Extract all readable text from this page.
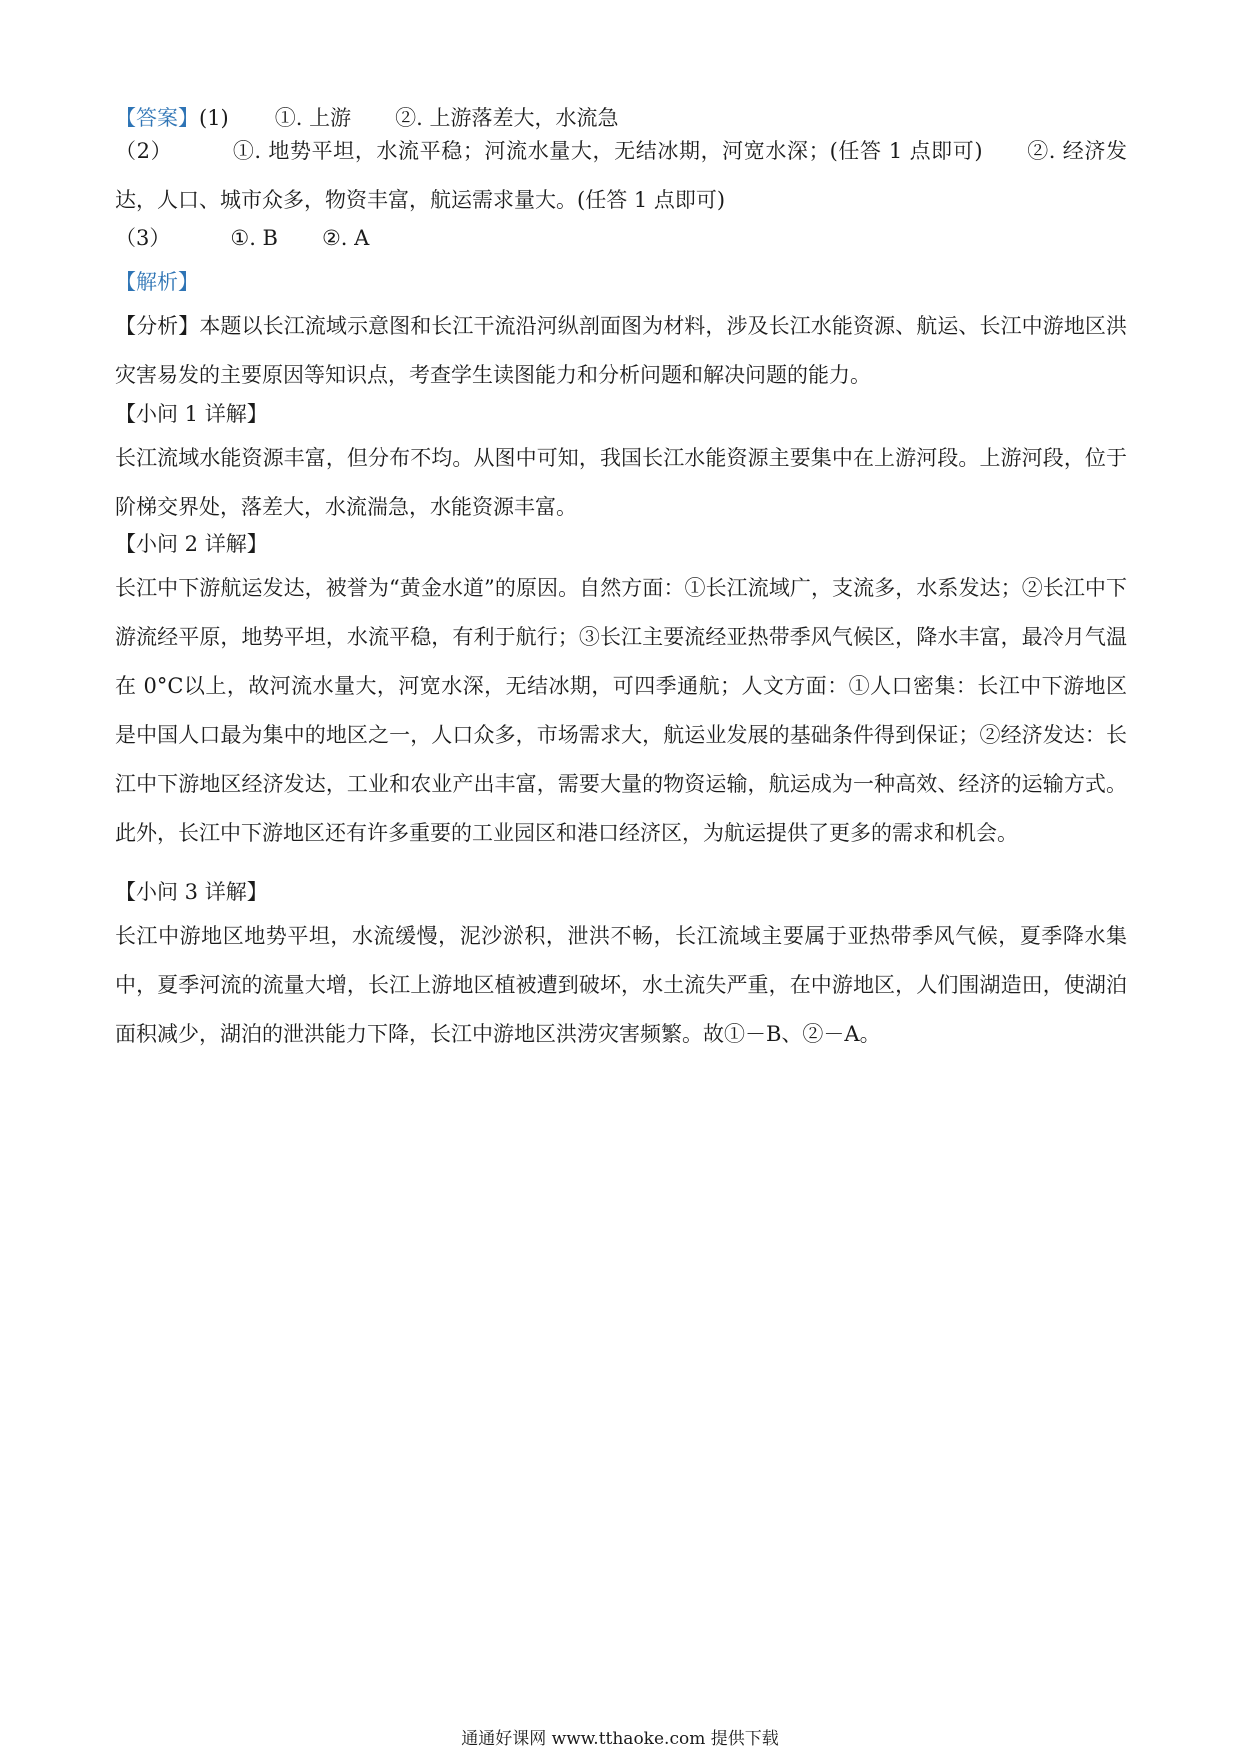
【答案】(1) ①. 上游 ②. 上游落差大，水流急
（2）	①. 地势平坦，水流平稳；河流水量大，无结冰期，河宽水深；(任答 1 点即可) ②. 经济发达，人口、城市众多，物资丰富，航运需求量大。(任答 1 点即可)
（3）	①. B ②. A
【解析】
【分析】本题以长江流域示意图和长江干流沿河纵剖面图为材料，涉及长江水能资源、航运、长江中游地区洪灾害易发的主要原因等知识点，考查学生读图能力和分析问题和解决问题的能力。
【小问 1 详解】
长江流域水能资源丰富，但分布不均。从图中可知，我国长江水能资源主要集中在上游河段。上游河段，位于阶梯交界处，落差大，水流湍急，水能资源丰富。
【小问 2 详解】
长江中下游航运发达，被誉为“黄金水道”的原因。自然方面：①长江流域广，支流多，水系发达；②长江中下游流经平原，地势平坦，水流平稳，有利于航行；③长江主要流经亚热带季风气候区，降水丰富，最冷月气温在 0°C以上，故河流水量大，河宽水深，无结冰期，可四季通航；人文方面：①人口密集：长江中下游地区是中国人口最为集中的地区之一，人口众多，市场需求大，航运业发展的基础条件得到保证；②经济发达：长江中下游地区经济发达，工业和农业产出丰富，需要大量的物资运输，航运成为一种高效、经济的运输方式。此外，长江中下游地区还有许多重要的工业园区和港口经济区，为航运提供了更多的需求和机会。
【小问 3 详解】
长江中游地区地势平坦，水流缓慢，泥沙淤积，泄洪不畅，长江流域主要属于亚热带季风气候，夏季降水集中，夏季河流的流量大增，长江上游地区植被遭到破坏，水土流失严重，在中游地区，人们围湖造田，使湖泊面积减少，湖泊的泄洪能力下降，长江中游地区洪涝灾害频繁。故①－B、②－A。
通通好课网 www.tthaoke.com 提供下载
